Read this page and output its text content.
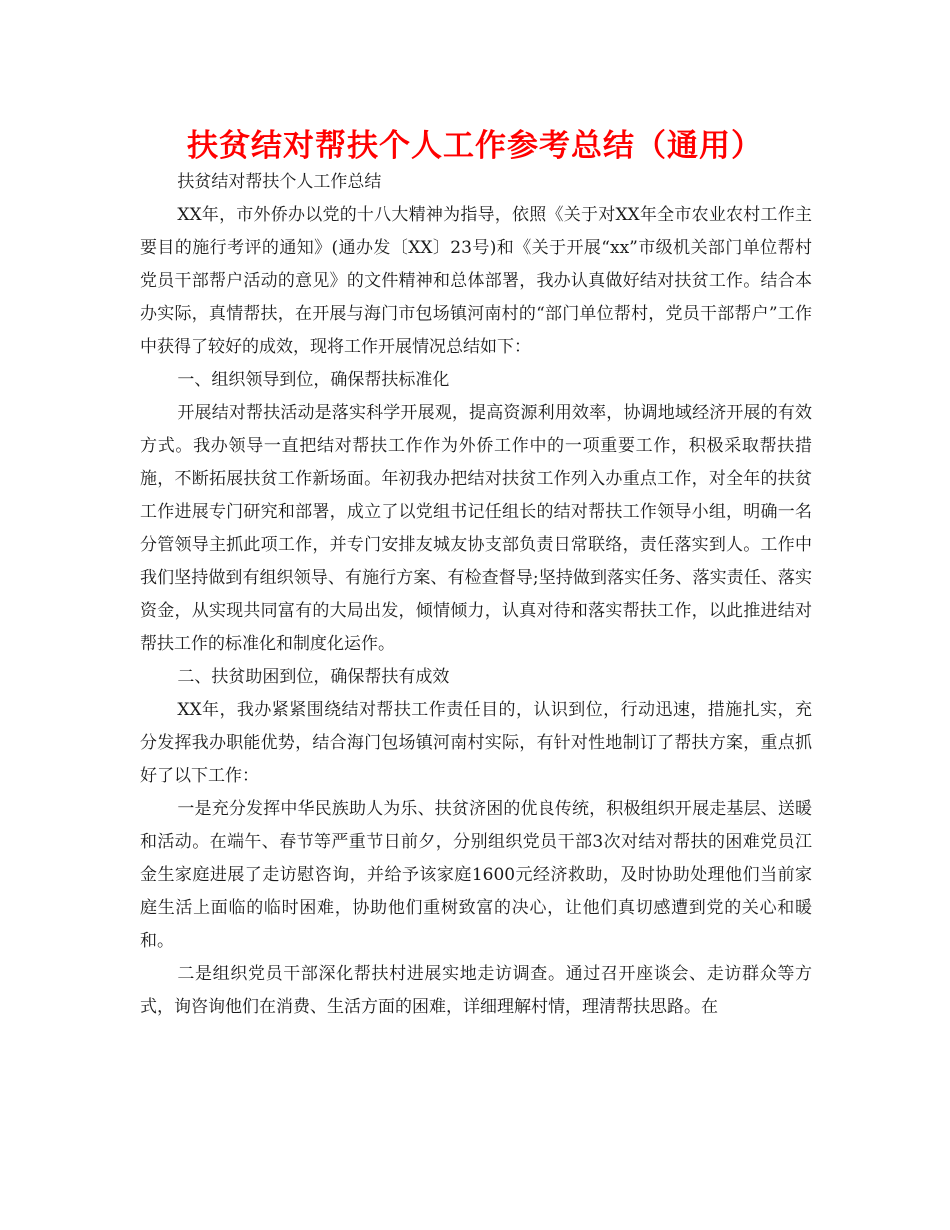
扶贫结对帮扶个人工作参考总结（通用）

扶贫结对帮扶个人工作总结

XX年，市外侨办以党的十八大精神为指导，依照《关于对XX年全市农业农村工作主要目的施行考评的通知》(通办发〔XX〕23号)和《关于开展“xx”市级机关部门单位帮村党员干部帮户活动的意见》的文件精神和总体部署，我办认真做好结对扶贫工作。结合本办实际，真情帮扶，在开展与海门市包场镇河南村的“部门单位帮村，党员干部帮户”工作中获得了较好的成效，现将工作开展情况总结如下：

一、组织领导到位，确保帮扶标准化

开展结对帮扶活动是落实科学开展观，提高资源利用效率，协调地域经济开展的有效方式。我办领导一直把结对帮扶工作作为外侨工作中的一项重要工作，积极采取帮扶措施，不断拓展扶贫工作新场面。年初我办把结对扶贫工作列入办重点工作，对全年的扶贫工作进展专门研究和部署，成立了以党组书记任组长的结对帮扶工作领导小组，明确一名分管领导主抓此项工作，并专门安排友城友协支部负责日常联络，责任落实到人。工作中我们坚持做到有组织领导、有施行方案、有检查督导;坚持做到落实任务、落实责任、落实资金，从实现共同富有的大局出发，倾情倾力，认真对待和落实帮扶工作，以此推进结对帮扶工作的标准化和制度化运作。

二、扶贫助困到位，确保帮扶有成效

XX年，我办紧紧围绕结对帮扶工作责任目的，认识到位，行动迅速，措施扎实，充分发挥我办职能优势，结合海门包场镇河南村实际，有针对性地制订了帮扶方案，重点抓好了以下工作：

一是充分发挥中华民族助人为乐、扶贫济困的优良传统，积极组织开展走基层、送暖和活动。在端午、春节等严重节日前夕，分别组织党员干部3次对结对帮扶的困难党员江金生家庭进展了走访慰咨询，并给予该家庭1600元经济救助，及时协助处理他们当前家庭生活上面临的临时困难，协助他们重树致富的决心，让他们真切感遭到党的关心和暖和。

二是组织党员干部深化帮扶村进展实地走访调查。通过召开座谈会、走访群众等方式，询咨询他们在消费、生活方面的困难，详细理解村情，理清帮扶思路。在
